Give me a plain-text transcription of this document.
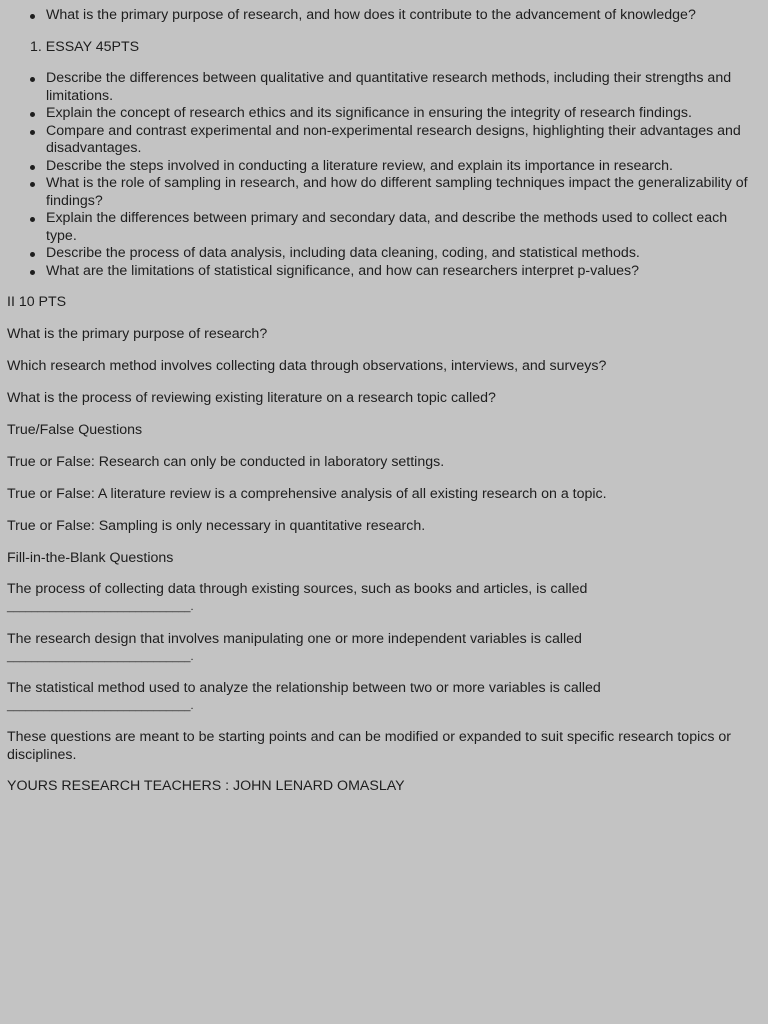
What is the primary purpose of research, and how does it contribute to the advancement of knowledge?
1. ESSAY 45PTS
Describe the differences between qualitative and quantitative research methods, including their strengths and limitations.
Explain the concept of research ethics and its significance in ensuring the integrity of research findings.
Compare and contrast experimental and non-experimental research designs, highlighting their advantages and disadvantages.
Describe the steps involved in conducting a literature review, and explain its importance in research.
What is the role of sampling in research, and how do different sampling techniques impact the generalizability of findings?
Explain the differences between primary and secondary data, and describe the methods used to collect each type.
Describe the process of data analysis, including data cleaning, coding, and statistical methods.
What are the limitations of statistical significance, and how can researchers interpret p-values?
II 10 PTS
What is the primary purpose of research?
Which research method involves collecting data through observations, interviews, and surveys?
What is the process of reviewing existing literature on a research topic called?
True/False Questions
True or False: Research can only be conducted in laboratory settings.
True or False: A literature review is a comprehensive analysis of all existing research on a topic.
True or False: Sampling is only necessary in quantitative research.
Fill-in-the-Blank Questions
The process of collecting data through existing sources, such as books and articles, is called
______________________________.
The research design that involves manipulating one or more independent variables is called
______________________________.
The statistical method used to analyze the relationship between two or more variables is called
______________________________.
These questions are meant to be starting points and can be modified or expanded to suit specific research topics or disciplines.
YOURS RESEARCH TEACHERS : JOHN LENARD OMASLAY
